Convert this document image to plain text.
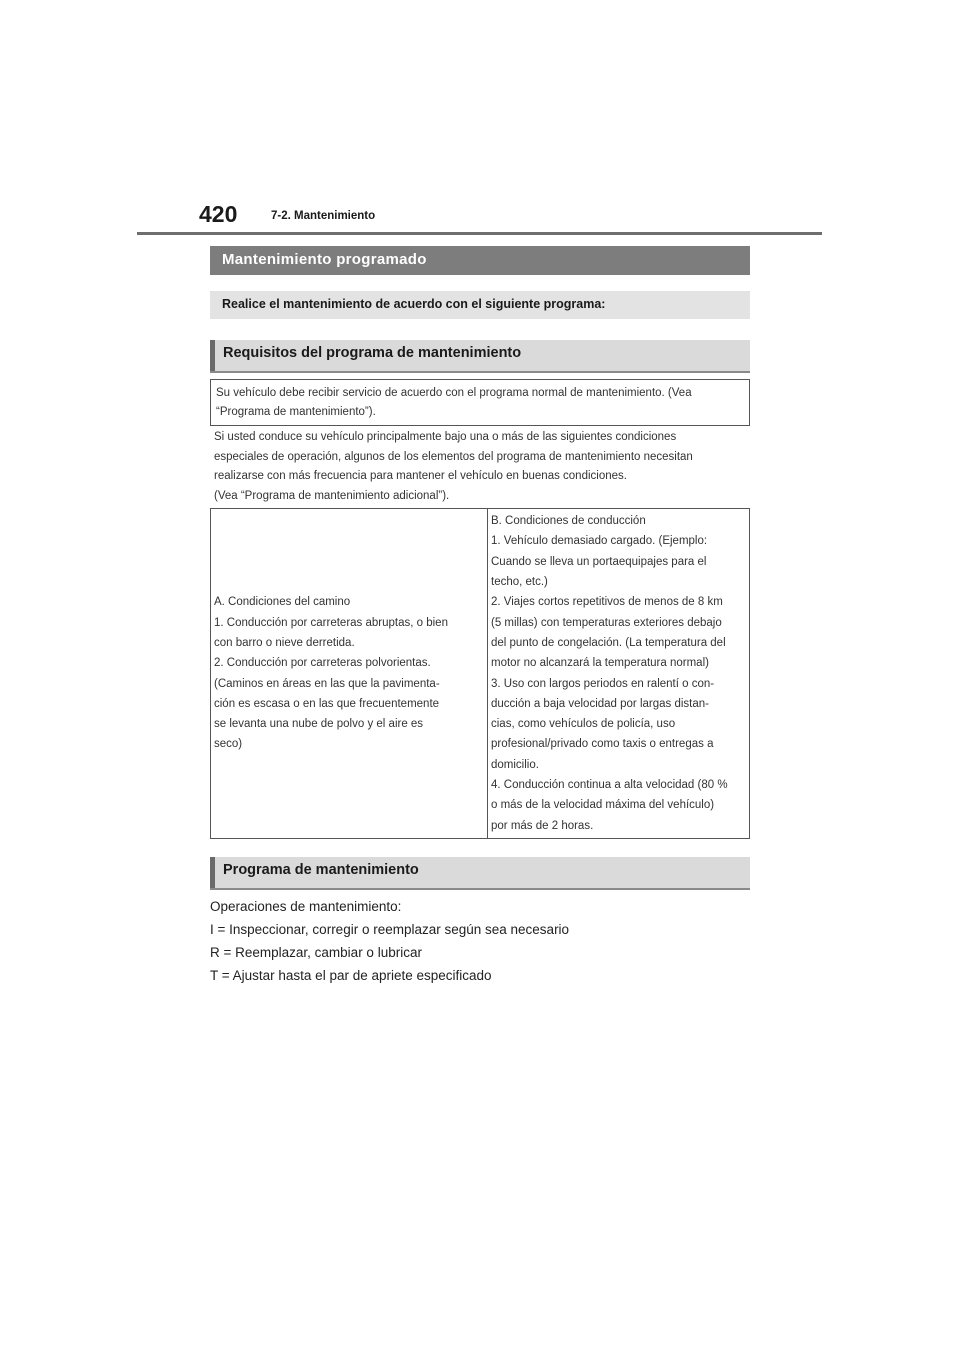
420	7-2. Mantenimiento
Mantenimiento programado
Realice el mantenimiento de acuerdo con el siguiente programa:
Requisitos del programa de mantenimiento
Su vehículo debe recibir servicio de acuerdo con el programa normal de mantenimiento. (Vea
“Programa de mantenimiento”).
Si usted conduce su vehículo principalmente bajo una o más de las siguientes condiciones
especiales de operación, algunos de los elementos del programa de mantenimiento necesitan
realizarse con más frecuencia para mantener el vehículo en buenas condiciones.
(Vea “Programa de mantenimiento adicional”).
A. Condiciones del camino
1. Conducción por carreteras abruptas, o bien
con barro o nieve derretida.
2. Conducción por carreteras polvorientas.
(Caminos en áreas en las que la pavimenta-
ción es escasa o en las que frecuentemente
se levanta una nube de polvo y el aire es
seco)

B. Condiciones de conducción
1. Vehículo demasiado cargado. (Ejemplo:
Cuando se lleva un portaequipajes para el
techo, etc.)
2. Viajes cortos repetitivos de menos de 8 km
(5 millas) con temperaturas exteriores debajo
del punto de congelación. (La temperatura del
motor no alcanzará la temperatura normal)
3. Uso con largos periodos en ralentí o con-
ducción a baja velocidad por largas distan-
cias, como vehículos de policía, uso
profesional/privado como taxis o entregas a
domicilio.
4. Conducción continua a alta velocidad (80 %
o más de la velocidad máxima del vehículo)
por más de 2 horas.
Programa de mantenimiento
Operaciones de mantenimiento:
I = Inspeccionar, corregir o reemplazar según sea necesario
R = Reemplazar, cambiar o lubricar
T = Ajustar hasta el par de apriete especificado
